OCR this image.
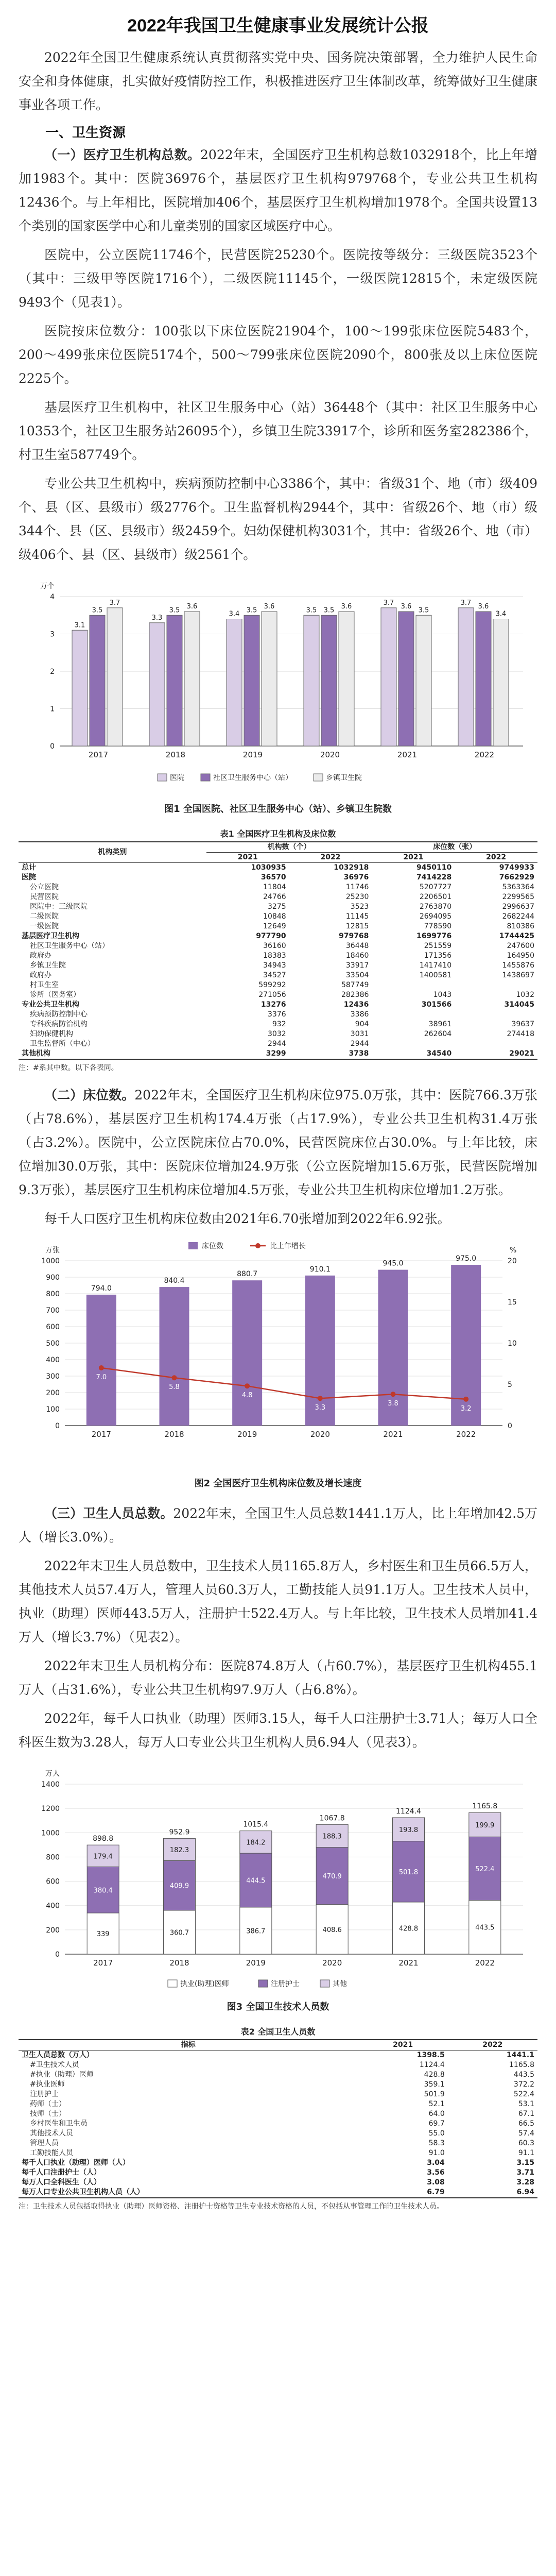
2022年我国卫生健康事业发展统计公报

2022年全国卫生健康系统认真贯彻落实党中央、国务院决策部署，全力维护人民生命安全和身体健康，扎实做好疫情防控工作，积极推进医疗卫生体制改革，统筹做好卫生健康事业各项工作。

一、卫生资源

（一）医疗卫生机构总数。2022年末，全国医疗卫生机构总数1032918个，比上年增加1983个。其中：医院36976个，基层医疗卫生机构979768个，专业公共卫生机构12436个。与上年相比，医院增加406个，基层医疗卫生机构增加1978个。全国共设置13个类别的国家医学中心和儿童类别的国家区域医疗中心。

医院中，公立医院11746个，民营医院25230个。医院按等级分：三级医院3523个（其中：三级甲等医院1716个），二级医院11145个，一级医院12815个，未定级医院9493个（见表1）。

医院按床位数分：100张以下床位医院21904个，100～199张床位医院5483个，200～499张床位医院5174个，500～799张床位医院2090个，800张及以上床位医院2225个。

基层医疗卫生机构中，社区卫生服务中心（站）36448个（其中：社区卫生服务中心10353个，社区卫生服务站26095个），乡镇卫生院33917个，诊所和医务室282386个，村卫生室587749个。

专业公共卫生机构中，疾病预防控制中心3386个，其中：省级31个、地（市）级409个、县（区、县级市）级2776个。卫生监督机构2944个，其中：省级26个、地（市）级344个、县（区、县级市）级2459个。妇幼保健机构3031个，其中：省级26个、地（市）级406个、县（区、县级市）级2561个。

万个
0
1
2
3
4
3.1
3.5
3.7
2017
3.3
3.5 3.6
2018
3.4 3.5 3.6
2019
3.5 3.5 3.6
2020
3.7 3.6 3.5
2021
3.7 3.6
3.4
2022
医院	社区卫生服务中心（站）	乡镇卫生院
图1 全国医院、社区卫生服务中心（站）、乡镇卫生院数
表1 全国医疗卫生机构及床位数
机构类别	机构数（个）		床位数（张）	
	2021	2022	2021	2022
总计	1030935	1032918	9450110	9749933
医院	36570	36976	7414228	7662929
公立医院	11804	11746	5207727	5363364
民营医院	24766	25230	2206501	2299565
医院中：三级医院	3275	3523	2763870	2996637
二级医院	10848	11145	2694095	2682244
一级医院	12649	12815	778590	810386
基层医疗卫生机构	977790	979768	1699776	1744425
社区卫生服务中心（站）	36160	36448	251559	247600
政府办	18383	18460	171356	164950
乡镇卫生院	34943	33917	1417410	1455876
政府办	34527	33504	1400581	1438697
村卫生室	599292	587749		
诊所（医务室）	271056	282386	1043	1032
专业公共卫生机构	13276	12436	301566	314045
疾病预防控制中心	3376	3386		
专科疾病防治机构	932	904	38961	39637
妇幼保健机构	3032	3031	262604	274418
卫生监督所（中心）	2944	2944		
其他机构	3299	3738	34540	29021
注：#系其中数。以下各表同。

（二）床位数。2022年末，全国医疗卫生机构床位975.0万张，其中：医院766.3万张（占78.6%），基层医疗卫生机构174.4万张（占17.9%），专业公共卫生机构31.4万张（占3.2%）。医院中，公立医院床位占70.0%，民营医院床位占30.0%。与上年比较，床位增加30.0万张，其中：医院床位增加24.9万张（公立医院增加15.6万张，民营医院增加9.3万张），基层医疗卫生机构床位增加4.5万张，专业公共卫生机构床位增加1.2万张。

每千人口医疗卫生机构床位数由2021年6.70张增加到2022年6.92张。

万张	%
0
100
200
300
400
500
600
700
800
900
1000
0
5
10
15
20
794.0
2017
840.4
2018
880.7
2019
910.1
2020
945.0
2021
975.0
2022
7.0
5.8
4.8
3.3
3.8
3.2
床位数	比上年增长
图2 全国医疗卫生机构床位数及增长速度

（三）卫生人员总数。2022年末，全国卫生人员总数1441.1万人，比上年增加42.5万人（增长3.0%）。

2022年末卫生人员总数中，卫生技术人员1165.8万人，乡村医生和卫生员66.5万人，其他技术人员57.4万人，管理人员60.3万人，工勤技能人员91.1万人。卫生技术人员中，执业（助理）医师443.5万人，注册护士522.4万人。与上年比较，卫生技术人员增加41.4万人（增长3.7%）（见表2）。

2022年末卫生人员机构分布：医院874.8万人（占60.7%），基层医疗卫生机构455.1万人（占31.6%），专业公共卫生机构97.9万人（占6.8%）。

2022年，每千人口执业（助理）医师3.15人，每千人口注册护士3.71人；每万人口全科医生数为3.28人，每万人口专业公共卫生机构人员6.94人（见表3）。

万人
0
200
400
600
800
1000
1200
1400
339
380.4
179.4
898.8
2017
360.7
409.9
182.3
952.9
2018
386.7
444.5
184.2
1015.4
2019
408.6
470.9
188.3
1067.8
2020
428.8
501.8
193.8
1124.4
2021
443.5
522.4
199.9
1165.8
2022
执业(助理)医师	注册护士	其他
图3 全国卫生技术人员数
表2 全国卫生人员数
指标	2021	2022
卫生人员总数（万人）	1398.5	1441.1
#卫生技术人员	1124.4	1165.8
#执业（助理）医师	428.8	443.5
#执业医师	359.1	372.2
注册护士	501.9	522.4
药师（士）	52.1	53.1
技师（士）	64.0	67.1
乡村医生和卫生员	69.7	66.5
其他技术人员	55.0	57.4
管理人员	58.3	60.3
工勤技能人员	91.0	91.1
每千人口执业（助理）医师（人）	3.04	3.15
每千人口注册护士（人）	3.56	3.71
每万人口全科医生（人）	3.08	3.28
每万人口专业公共卫生机构人员（人）	6.79	6.94
注：卫生技术人员包括取得执业（助理）医师资格、注册护士资格等卫生专业技术资格的人员，不包括从事管理工作的卫生技术人员。
